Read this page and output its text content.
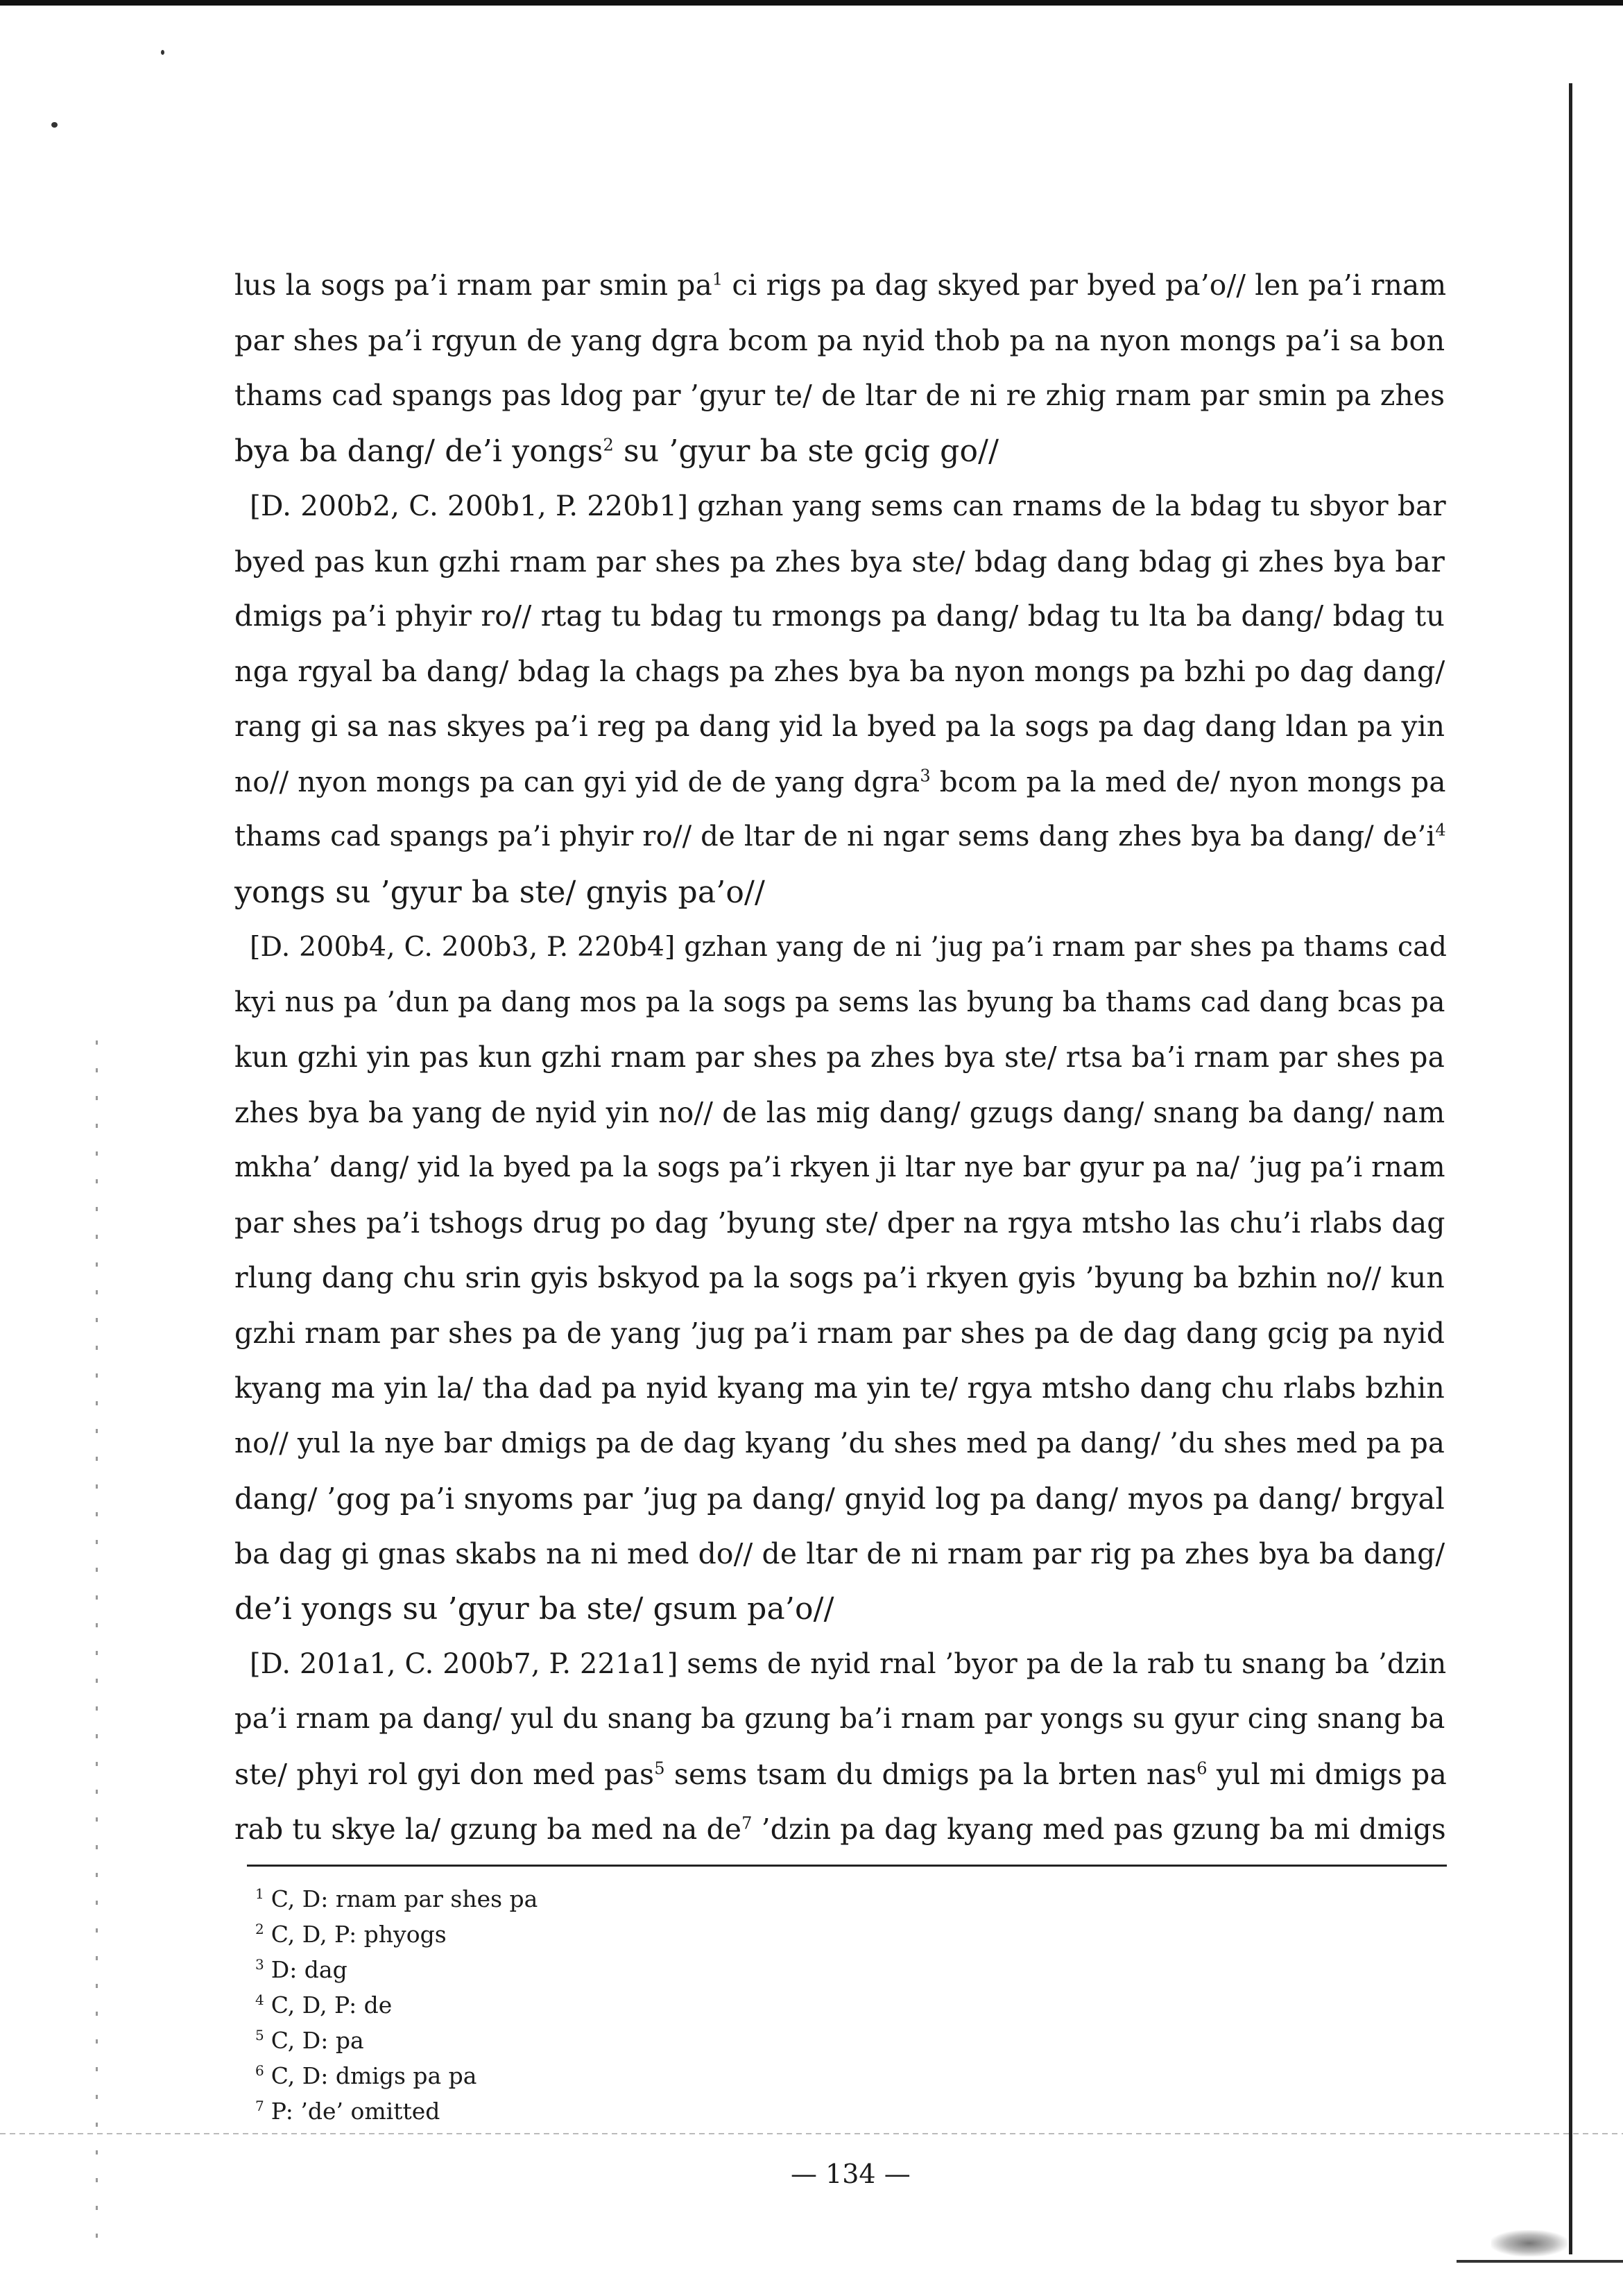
lus la sogs pa’i rnam par smin $pa^1$ ci rigs pa dag skyed par byed pa’o// len pa’i rnam
par shes pa’i rgyun de yang dgra bcom pa nyid thob pa na nyon mongs pa’i sa bon
thams cad spangs pas ldog par ’gyur te/ de ltar de ni re zhig rnam par smin pa zhes
bya ba dang/ de’i yongs$^2$ su ’gyur ba ste gcig go//
[D. 200b2, C. 200b1, P. 220b1] gzhan yang sems can rnams de la bdag tu sbyor bar
byed pas kun gzhi rnam par shes pa zhes bya ste/ bdag dang bdag gi zhes bya bar
dmigs pa’i phyir ro// rtag tu bdag tu rmongs pa dang/ bdag tu lta ba dang/ bdag tu
nga rgyal ba dang/ bdag la chags pa zhes bya ba nyon mongs pa bzhi po dag dang/
rang gi sa nas skyes pa’i reg pa dang yid la byed pa la sogs pa dag dang ldan pa yin
no// nyon mongs pa can gyi yid de de yang dgra$^3$ bcom pa la med de/ nyon mongs pa
thams cad spangs pa’i phyir ro// de ltar de ni ngar sems dang zhes bya ba dang/ $de’i^4$
yongs su ’gyur ba ste/ gnyis pa’o//
[D. 200b4, C. 200b3, P. 220b4] gzhan yang de ni ’jug pa’i rnam par shes pa thams cad
kyi nus pa ’dun pa dang mos pa la sogs pa sems las byung ba thams cad dang bcas pa
kun gzhi yin pas kun gzhi rnam par shes pa zhes bya ste/ rtsa ba’i rnam par shes pa
zhes bya ba yang de nyid yin no// de las mig dang/ gzugs dang/ snang ba dang/ nam
mkha’ dang/ yid la byed pa la sogs pa’i rkyen ji ltar nye bar gyur pa na/ ’jug pa’i rnam
par shes pa’i tshogs drug po dag ’byung ste/ dper na rgya mtsho las chu’i rlabs dag
rlung dang chu srin gyis bskyod pa la sogs pa’i rkyen gyis ’byung ba bzhin no// kun
gzhi rnam par shes pa de yang ’jug pa’i rnam par shes pa de dag dang gcig pa nyid
kyang ma yin la/ tha dad pa nyid kyang ma yin te/ rgya mtsho dang chu rlabs bzhin
no// yul la nye bar dmigs pa de dag kyang ’du shes med pa dang/ ’du shes med pa pa
dang/ ’gog pa’i snyoms par ’jug pa dang/ gnyid log pa dang/ myos pa dang/ brgyal
ba dag gi gnas skabs na ni med do// de ltar de ni rnam par rig pa zhes bya ba dang/
de’i yongs su ’gyur ba ste/ gsum pa’o//
[D. 201a1, C. 200b7, P. 221a1] sems de nyid rnal ’byor pa de la rab tu snang ba ’dzin
pa’i rnam pa dang/ yul du snang ba gzung ba’i rnam par yongs su gyur cing snang ba
ste/ phyi rol gyi don med pas$^5$ sems tsam du dmigs pa la brten nas$^6$ yul mi dmigs pa
rab tu skye la/ gzung ba med na $de^7$ ’dzin pa dag kyang med pas gzung ba mi dmigs
$^1$ C, D: rnam par shes pa
$^2$ C, D, P: phyogs
$^3$ D: dag
$^4$ C, D, P: de
$^5$ C, D: pa
$^6$ C, D: dmigs pa pa
$^7$ P: ’de’ omitted
— 134 —
